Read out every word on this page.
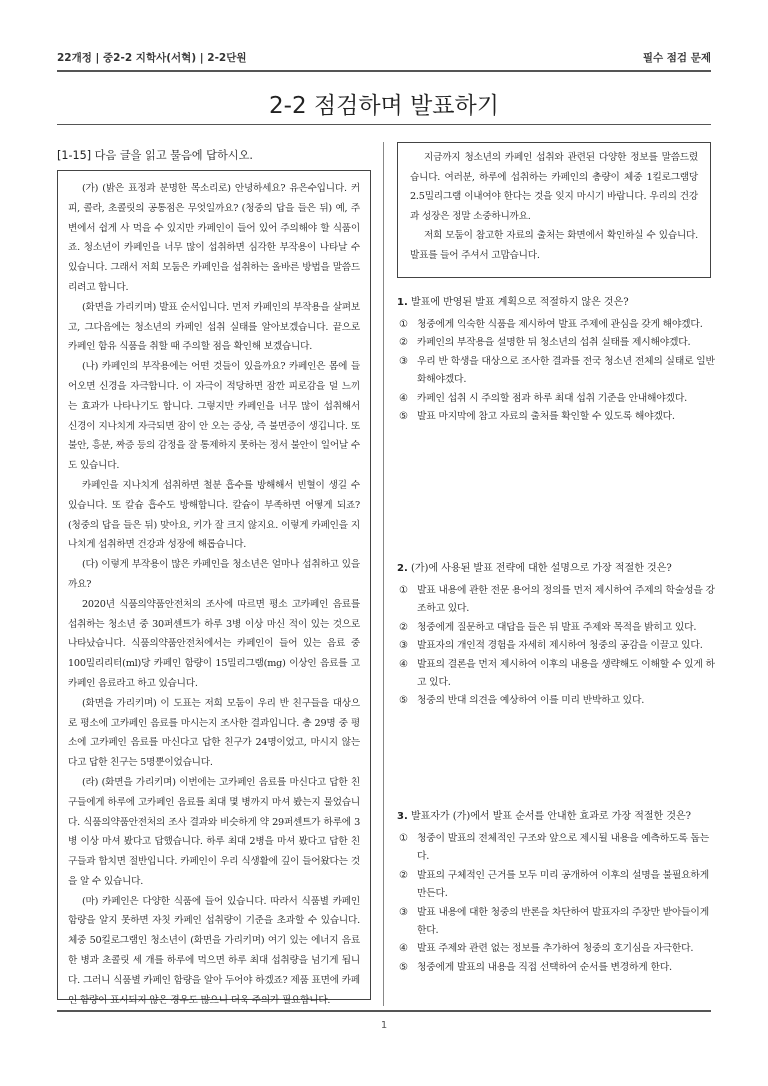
22개정 | 중2-2 지학사(서혁) | 2-2단원	필수 점검 문제
2-2 점검하며 발표하기
[1-15] 다음 글을 읽고 물음에 답하시오.

(가) (밝은 표정과 분명한 목소리로) 안녕하세요? 유은수입니다. 커피, 콜라, 초콜릿의 공통점은 무엇일까요? (청중의 답을 들은 뒤) 예, 주변에서 쉽게 사 먹을 수 있지만 카페인이 들어 있어 주의해야 할 식품이죠. 청소년이 카페인을 너무 많이 섭취하면 심각한 부작용이 나타날 수 있습니다. 그래서 저희 모둠은 카페인을 섭취하는 올바른 방법을 말씀드리려고 합니다.

(화면을 가리키며) 발표 순서입니다. 먼저 카페인의 부작용을 살펴보고, 그다음에는 청소년의 카페인 섭취 실태를 알아보겠습니다. 끝으로 카페인 함유 식품을 취할 때 주의할 점을 확인해 보겠습니다.

(나) 카페인의 부작용에는 어떤 것들이 있을까요? 카페인은 몸에 들어오면 신경을 자극합니다. 이 자극이 적당하면 잠깐 피로감을 덜 느끼는 효과가 나타나기도 합니다. 그렇지만 카페인을 너무 많이 섭취해서 신경이 지나치게 자극되면 잠이 안 오는 증상, 즉 불면증이 생깁니다. 또 불안, 흥분, 짜증 등의 감정을 잘 통제하지 못하는 정서 불안이 일어날 수도 있습니다.

카페인을 지나치게 섭취하면 철분 흡수를 방해해서 빈혈이 생길 수 있습니다. 또 칼슘 흡수도 방해합니다. 칼슘이 부족하면 어떻게 되죠? (청중의 답을 들은 뒤) 맞아요, 키가 잘 크지 않지요. 이렇게 카페인을 지나치게 섭취하면 건강과 성장에 해롭습니다.

(다) 이렇게 부작용이 많은 카페인을 청소년은 얼마나 섭취하고 있을까요?

2020년 식품의약품안전처의 조사에 따르면 평소 고카페인 음료를 섭취하는 청소년 중 30퍼센트가 하루 3병 이상 마신 적이 있는 것으로 나타났습니다. 식품의약품안전처에서는 카페인이 들어 있는 음료 중 100밀리리터(ml)당 카페인 함량이 15밀리그램(mg) 이상인 음료를 고카페인 음료라고 하고 있습니다.

(화면을 가리키며) 이 도표는 저희 모둠이 우리 반 친구들을 대상으로 평소에 고카페인 음료를 마시는지 조사한 결과입니다. 총 29명 중 평소에 고카페인 음료를 마신다고 답한 친구가 24명이었고, 마시지 않는다고 답한 친구는 5명뿐이었습니다.

(라) (화면을 가리키며) 이번에는 고카페인 음료를 마신다고 답한 친구들에게 하루에 고카페인 음료를 최대 몇 병까지 마셔 봤는지 물었습니다. 식품의약품안전처의 조사 결과와 비슷하게 약 29퍼센트가 하루에 3병 이상 마셔 봤다고 답했습니다. 하루 최대 2병을 마셔 봤다고 답한 친구들과 합치면 절반입니다. 카페인이 우리 식생활에 깊이 들어왔다는 것을 알 수 있습니다.

(마) 카페인은 다양한 식품에 들어 있습니다. 따라서 식품별 카페인 함량을 알지 못하면 자칫 카페인 섭취량이 기준을 초과할 수 있습니다. 체중 50킬로그램인 청소년이 (화면을 가리키며) 여기 있는 에너지 음료 한 병과 초콜릿 세 개를 하루에 먹으면 하루 최대 섭취량을 넘기게 됩니다. 그러니 식품별 카페인 함량을 알아 두어야 하겠죠? 제품 표면에 카페인 함량이 표시되지 않은 경우도 많으니 더욱 주의가 필요합니다.

지금까지 청소년의 카페인 섭취와 관련된 다양한 정보를 말씀드렸습니다. 여러분, 하루에 섭취하는 카페인의 총량이 체중 1킬로그램당 2.5밀리그램 이내여야 한다는 것을 잊지 마시기 바랍니다. 우리의 건강과 성장은 정말 소중하니까요.

저희 모둠이 참고한 자료의 출처는 화면에서 확인하실 수 있습니다. 발표를 들어 주셔서 고맙습니다.

1. 발표에 반영된 발표 계획으로 적절하지 않은 것은?
① 청중에게 익숙한 식품을 제시하여 발표 주제에 관심을 갖게 해야겠다.
② 카페인의 부작용을 설명한 뒤 청소년의 섭취 실태를 제시해야겠다.
③ 우리 반 학생을 대상으로 조사한 결과를 전국 청소년 전체의 실태로 일반화해야겠다.
④ 카페인 섭취 시 주의할 점과 하루 최대 섭취 기준을 안내해야겠다.
⑤ 발표 마지막에 참고 자료의 출처를 확인할 수 있도록 해야겠다.
2. (가)에 사용된 발표 전략에 대한 설명으로 가장 적절한 것은?
① 발표 내용에 관한 전문 용어의 정의를 먼저 제시하여 주제의 학술성을 강조하고 있다.
② 청중에게 질문하고 대답을 들은 뒤 발표 주제와 목적을 밝히고 있다.
③ 발표자의 개인적 경험을 자세히 제시하여 청중의 공감을 이끌고 있다.
④ 발표의 결론을 먼저 제시하여 이후의 내용을 생략해도 이해할 수 있게 하고 있다.
⑤ 청중의 반대 의견을 예상하여 이를 미리 반박하고 있다.
3. 발표자가 (가)에서 발표 순서를 안내한 효과로 가장 적절한 것은?
① 청중이 발표의 전체적인 구조와 앞으로 제시될 내용을 예측하도록 돕는다.
② 발표의 구체적인 근거를 모두 미리 공개하여 이후의 설명을 불필요하게 만든다.
③ 발표 내용에 대한 청중의 반론을 차단하여 발표자의 주장만 받아들이게 한다.
④ 발표 주제와 관련 없는 정보를 추가하여 청중의 호기심을 자극한다.
⑤ 청중에게 발표의 내용을 직접 선택하여 순서를 변경하게 한다.
1
